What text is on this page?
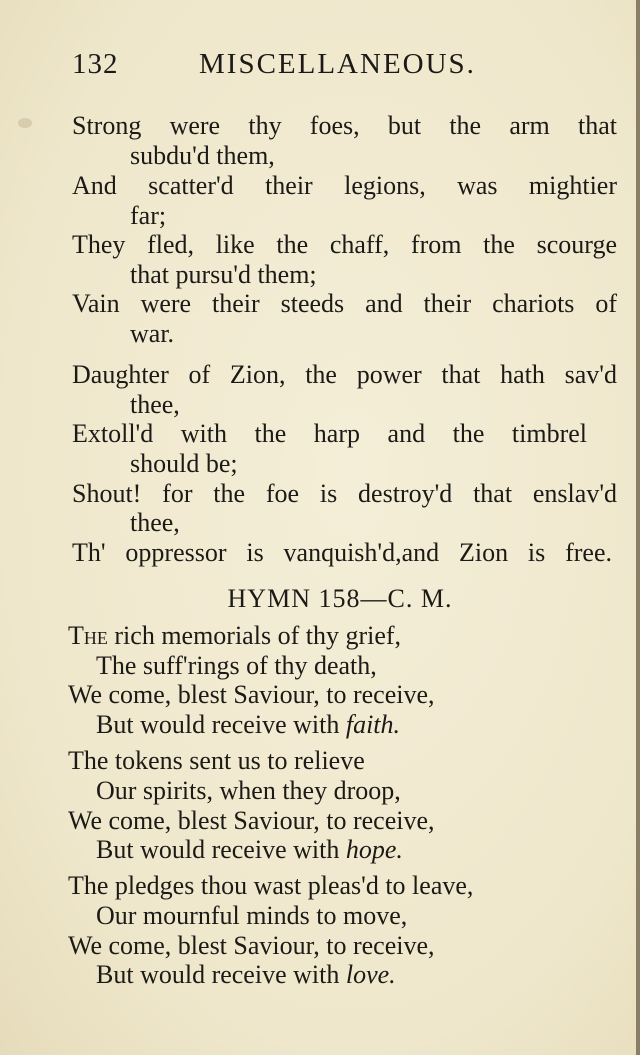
132	MISCELLANEOUS.
Strong were thy foes, but the arm that
subdu'd them,
And scatter'd their legions, was mightier
far;
They fled, like the chaff, from the scourge
that pursu'd them;
Vain were their steeds and their chariots of
war.
Daughter of Zion, the power that hath sav'd
thee,
Extoll'd with the harp and the timbrel
should be;
Shout! for the foe is destroy'd that enslav'd
thee,
Th' oppressor is vanquish'd,and Zion is free.
HYMN 158—C. M.
The rich memorials of thy grief,
The suff'rings of thy death,
We come, blest Saviour, to receive,
But would receive with faith.
The tokens sent us to relieve
Our spirits, when they droop,
We come, blest Saviour, to receive,
But would receive with hope.
The pledges thou wast pleas'd to leave,
Our mournful minds to move,
We come, blest Saviour, to receive,
But would receive with love.
